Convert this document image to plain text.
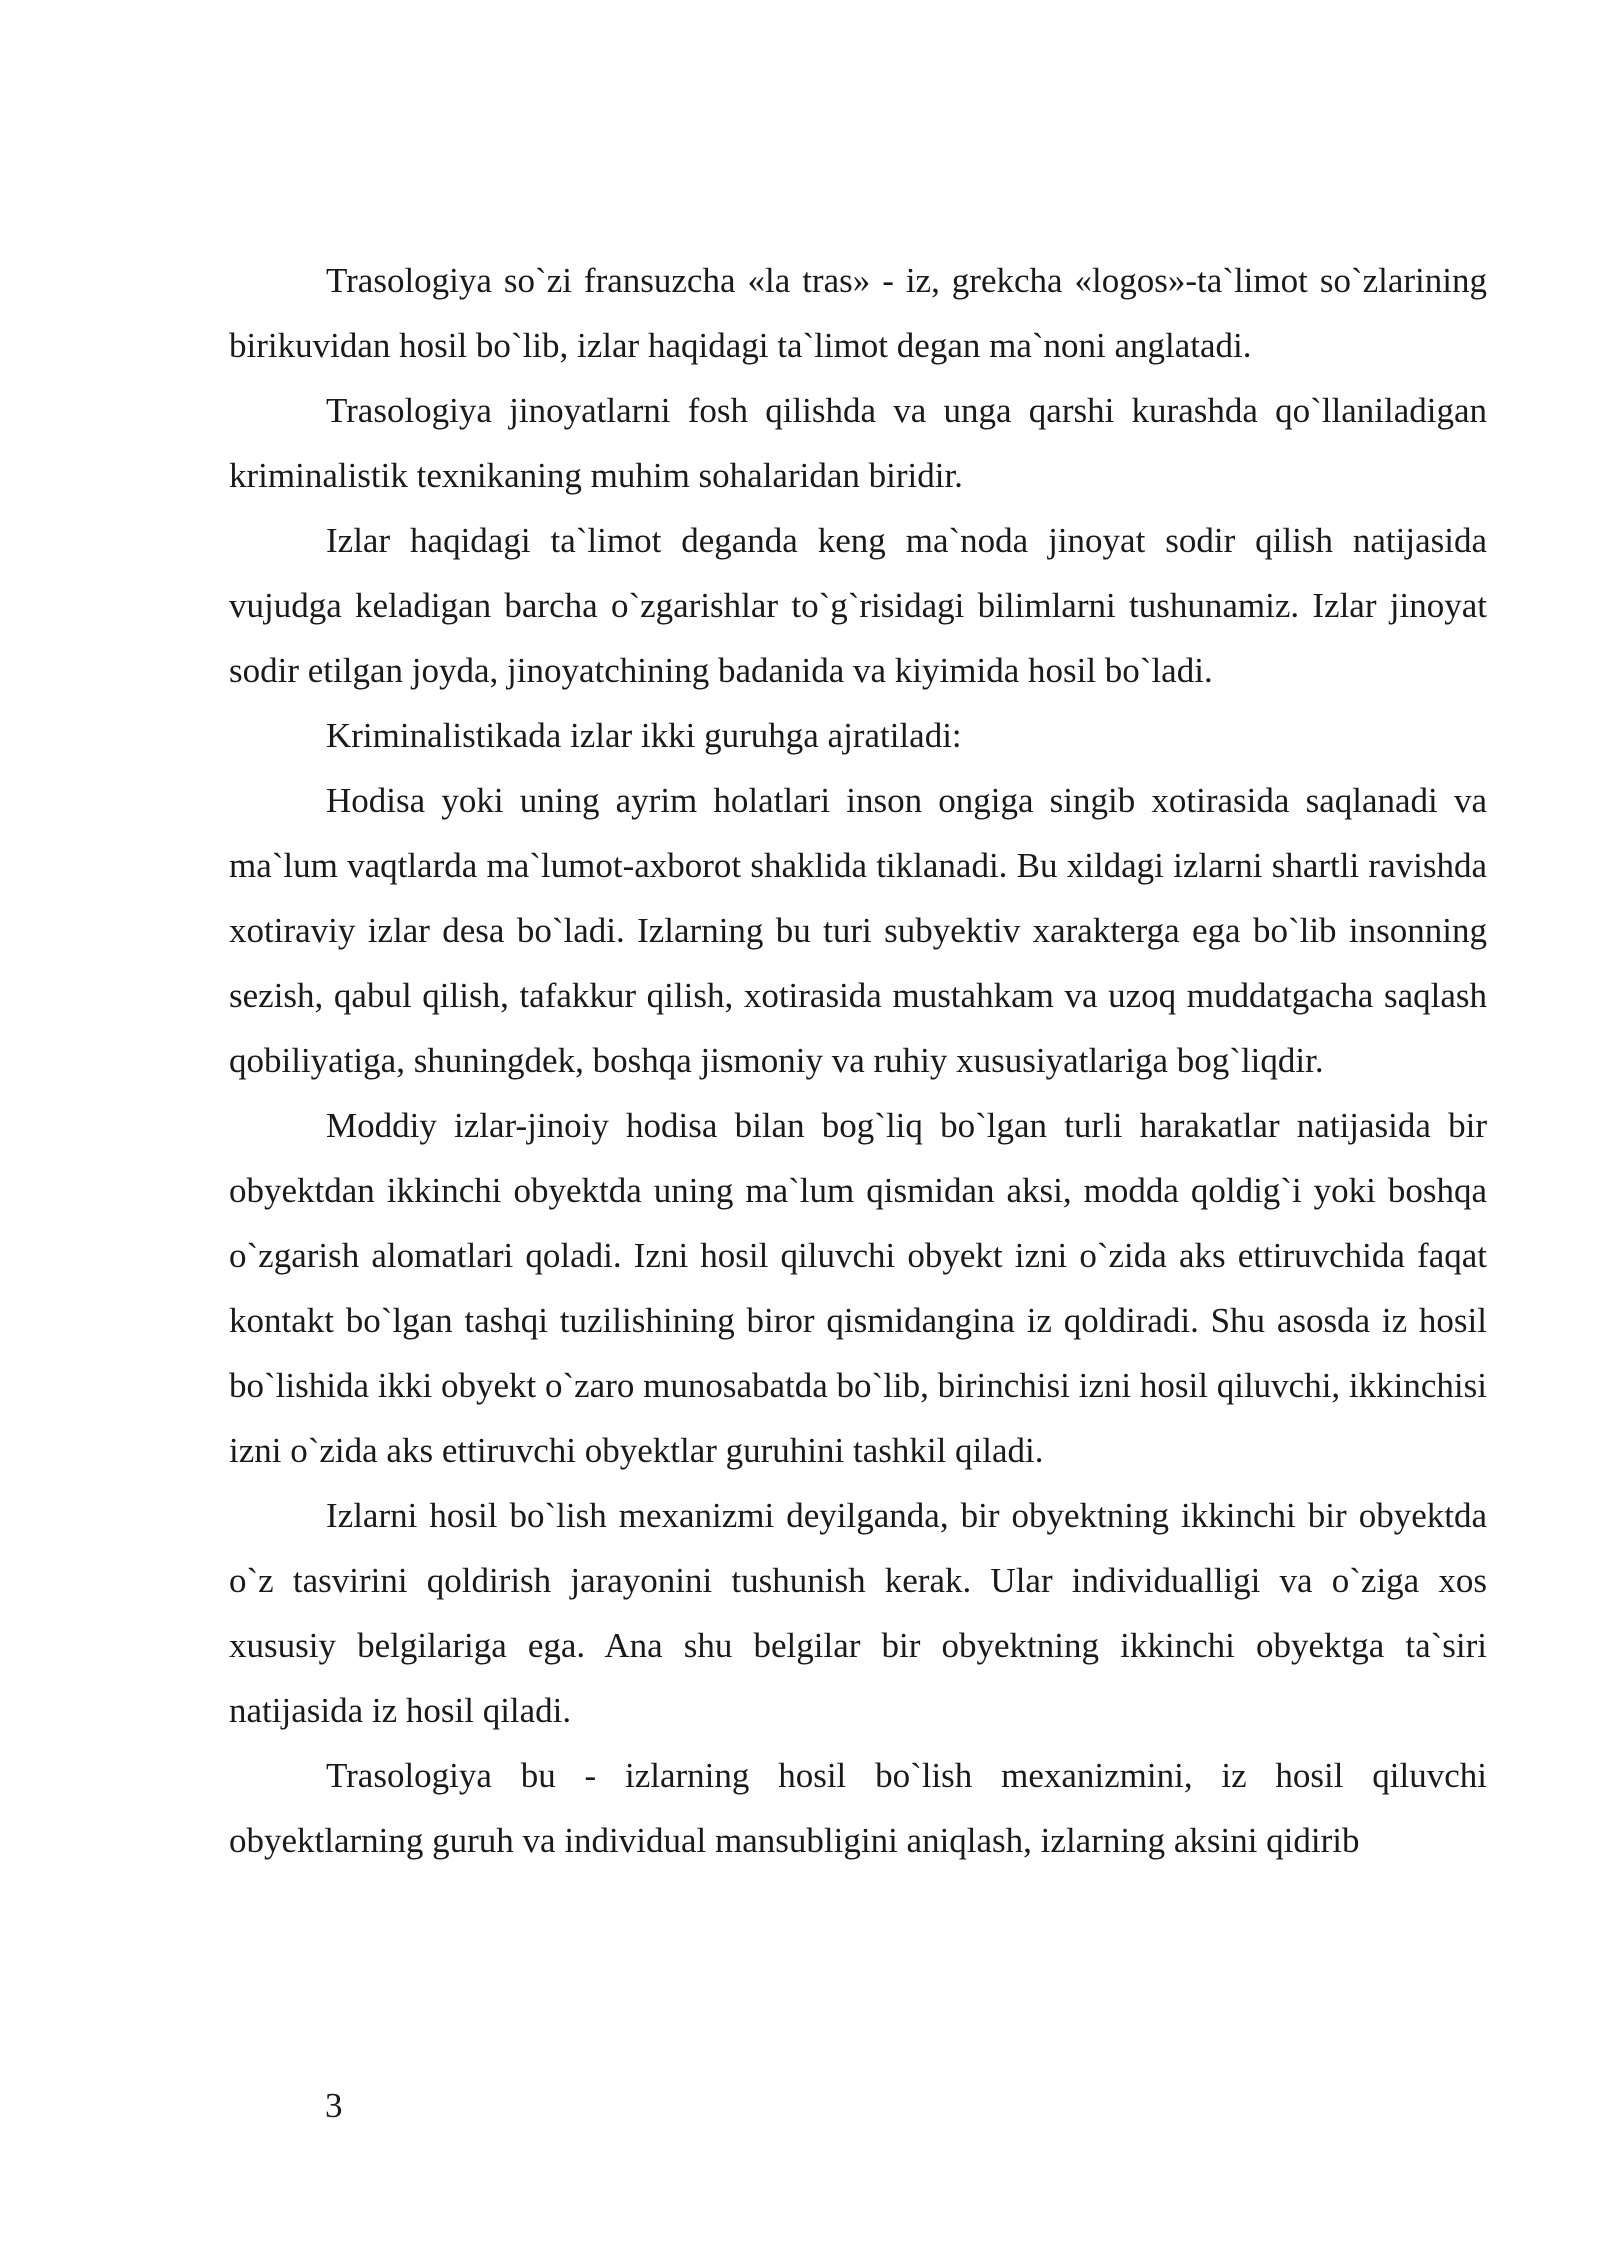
Trasologiya so`zi fransuzcha «la tras» - iz, grekcha «logos»-ta`limot so`zlarining birikuvidan hosil bo`lib, izlar haqidagi ta`limot degan ma`noni anglatadi.

Trasologiya jinoyatlarni fosh qilishda va unga qarshi kurashda qo`llaniladigan kriminalistik texnikaning muhim sohalaridan biridir.

Izlar haqidagi ta`limot deganda keng ma`noda jinoyat sodir qilish natijasida vujudga keladigan barcha o`zgarishlar to`g`risidagi bilimlarni tushunamiz. Izlar jinoyat sodir etilgan joyda, jinoyatchining badanida va kiyimida hosil bo`ladi.

Kriminalistikada izlar ikki guruhga ajratiladi:

Hodisa yoki uning ayrim holatlari inson ongiga singib xotirasida saqlanadi va ma`lum vaqtlarda ma`lumot-axborot shaklida tiklanadi. Bu xildagi izlarni shartli ravishda xotiraviy izlar desa bo`ladi. Izlarning bu turi subyektiv xarakterga ega bo`lib insonning sezish, qabul qilish, tafakkur qilish, xotirasida mustahkam va uzoq muddatgacha saqlash qobiliyatiga, shuningdek, boshqa jismoniy va ruhiy xususiyatlariga bog`liqdir.

Moddiy izlar-jinoiy hodisa bilan bog`liq bo`lgan turli harakatlar natijasida bir obyektdan ikkinchi obyektda uning ma`lum qismidan aksi, modda qoldig`i yoki boshqa o`zgarish alomatlari qoladi. Izni hosil qiluvchi obyekt izni o`zida aks ettiruvchida faqat kontakt bo`lgan tashqi tuzilishining biror qismidangina iz qoldiradi. Shu asosda iz hosil bo`lishida ikki obyekt o`zaro munosabatda bo`lib, birinchisi izni hosil qiluvchi, ikkinchisi izni o`zida aks ettiruvchi obyektlar guruhini tashkil qiladi.

Izlarni hosil bo`lish mexanizmi deyilganda, bir obyektning ikkinchi bir obyektda o`z tasvirini qoldirish jarayonini tushunish kerak. Ular individualligi va o`ziga xos xususiy belgilariga ega. Ana shu belgilar bir obyektning ikkinchi obyektga ta`siri natijasida iz hosil qiladi.

Trasologiya bu - izlarning hosil bo`lish mexanizmini, iz hosil qiluvchi obyektlarning guruh va individual mansubligini aniqlash, izlarning aksini qidirib

3
